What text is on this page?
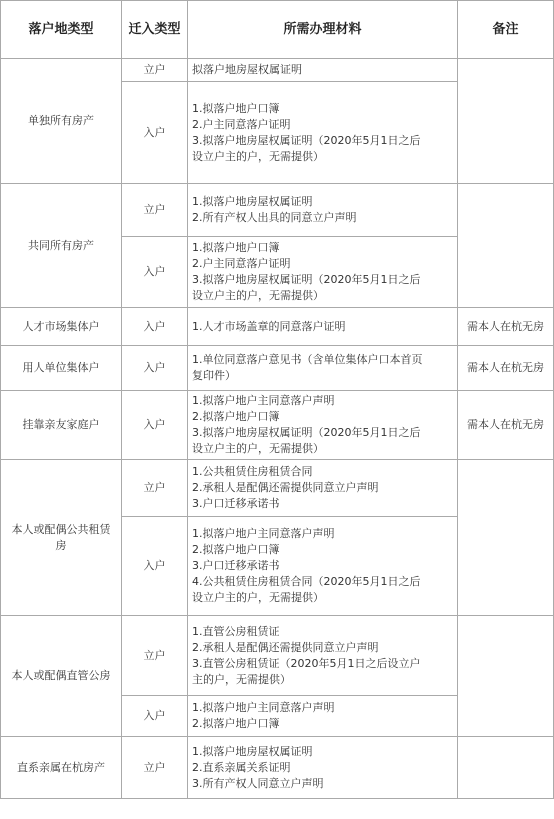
落户地类型	迁入类型	所需办理材料	备注
单独所有房产	立户	拟落户地房屋权属证明	

	入户	1.拟落户地户口簿
2.户主同意落户证明
3.拟落户地房屋权属证明（2020年5月1日之后
设立户主的户，无需提供）	

共同所有房产	立户	1.拟落户地房屋权属证明
2.所有产权人出具的同意立户声明	

	入户	1.拟落户地户口簿
2.户主同意落户证明
3.拟落户地房屋权属证明（2020年5月1日之后
设立户主的户，无需提供）	

人才市场集体户	入户	1.人才市场盖章的同意落户证明	需本人在杭无房
用人单位集体户	入户	1.单位同意落户意见书（含单位集体户口本首页
复印件）	需本人在杭无房
挂靠亲友家庭户	入户	1.拟落户地户主同意落户声明
2.拟落户地户口簿
3.拟落户地房屋权属证明（2020年5月1日之后
设立户主的户，无需提供）	需本人在杭无房
本人或配偶公共租赁房	立户	1.公共租赁住房租赁合同
2.承租人是配偶还需提供同意立户声明
3.户口迁移承诺书	

	入户	1.拟落户地户主同意落户声明
2.拟落户地户口簿
3.户口迁移承诺书
4.公共租赁住房租赁合同（2020年5月1日之后
设立户主的户，无需提供）	

本人或配偶直管公房	立户	1.直管公房租赁证
2.承租人是配偶还需提供同意立户声明
3.直管公房租赁证（2020年5月1日之后设立户
主的户，无需提供）	

	入户	1.拟落户地户主同意落户声明
2.拟落户地户口簿	

直系亲属在杭房产	立户	1.拟落户地房屋权属证明
2.直系亲属关系证明
3.所有产权人同意立户声明	
